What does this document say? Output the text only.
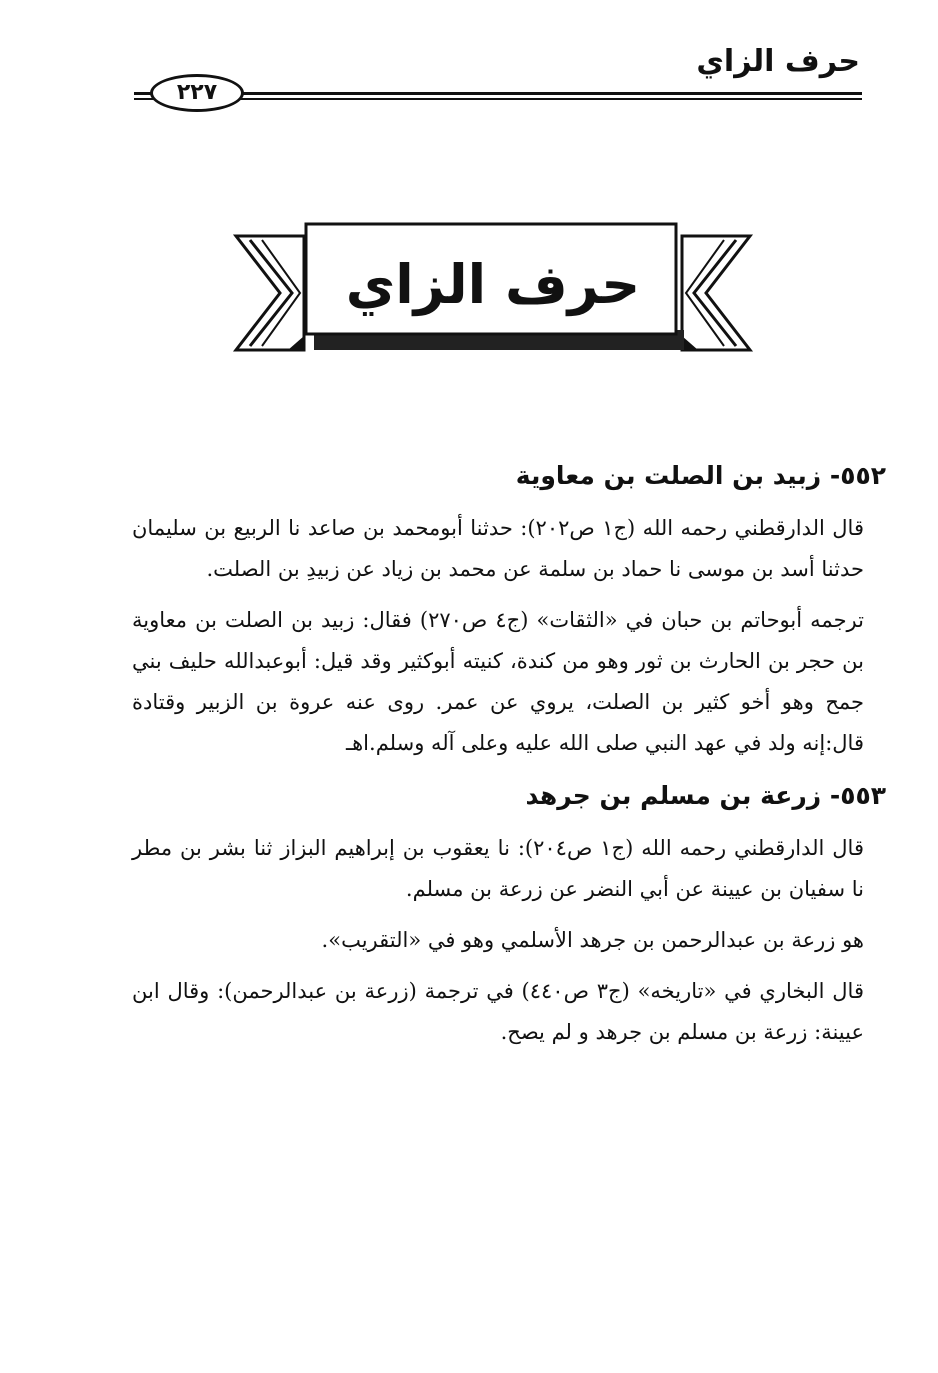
حرف الزاي
٢٢٧
حرف الزاي
٥٥٢- زبيد بن الصلت بن معاوية

قال الدارقطني رحمه الله (ج١ ص٢٠٢): حدثنا أبومحمد بن صاعد نا الربيع بن سليمان حدثنا أسد بن موسى نا حماد بن سلمة عن محمد بن زياد عن زبيدِ بن الصلت.

ترجمه أبوحاتم بن حبان في «الثقات» (ج٤ ص٢٧٠) فقال: زبيد بن الصلت بن معاوية بن حجر بن الحارث بن ثور وهو من كندة، كنيته أبوكثير وقد قيل: أبوعبدالله حليف بني جمح وهو أخو كثير بن الصلت، يروي عن عمر. روى عنه عروة بن الزبير وقتادة قال:إنه ولد في عهد النبي صلى الله عليه وعلى آله وسلم.اهـ

٥٥٣- زرعة بن مسلم بن جرهد

قال الدارقطني رحمه الله (ج١ ص٢٠٤): نا يعقوب بن إبراهيم البزاز ثنا بشر بن مطر نا سفيان بن عيينة عن أبي النضر عن زرعة بن مسلم.

هو زرعة بن عبدالرحمن بن جرهد الأسلمي وهو في «التقريب».

قال البخاري في «تاريخه» (ج٣ ص٤٤٠) في ترجمة (زرعة بن عبدالرحمن): وقال ابن عيينة: زرعة بن مسلم بن جرهد و لم يصح.
